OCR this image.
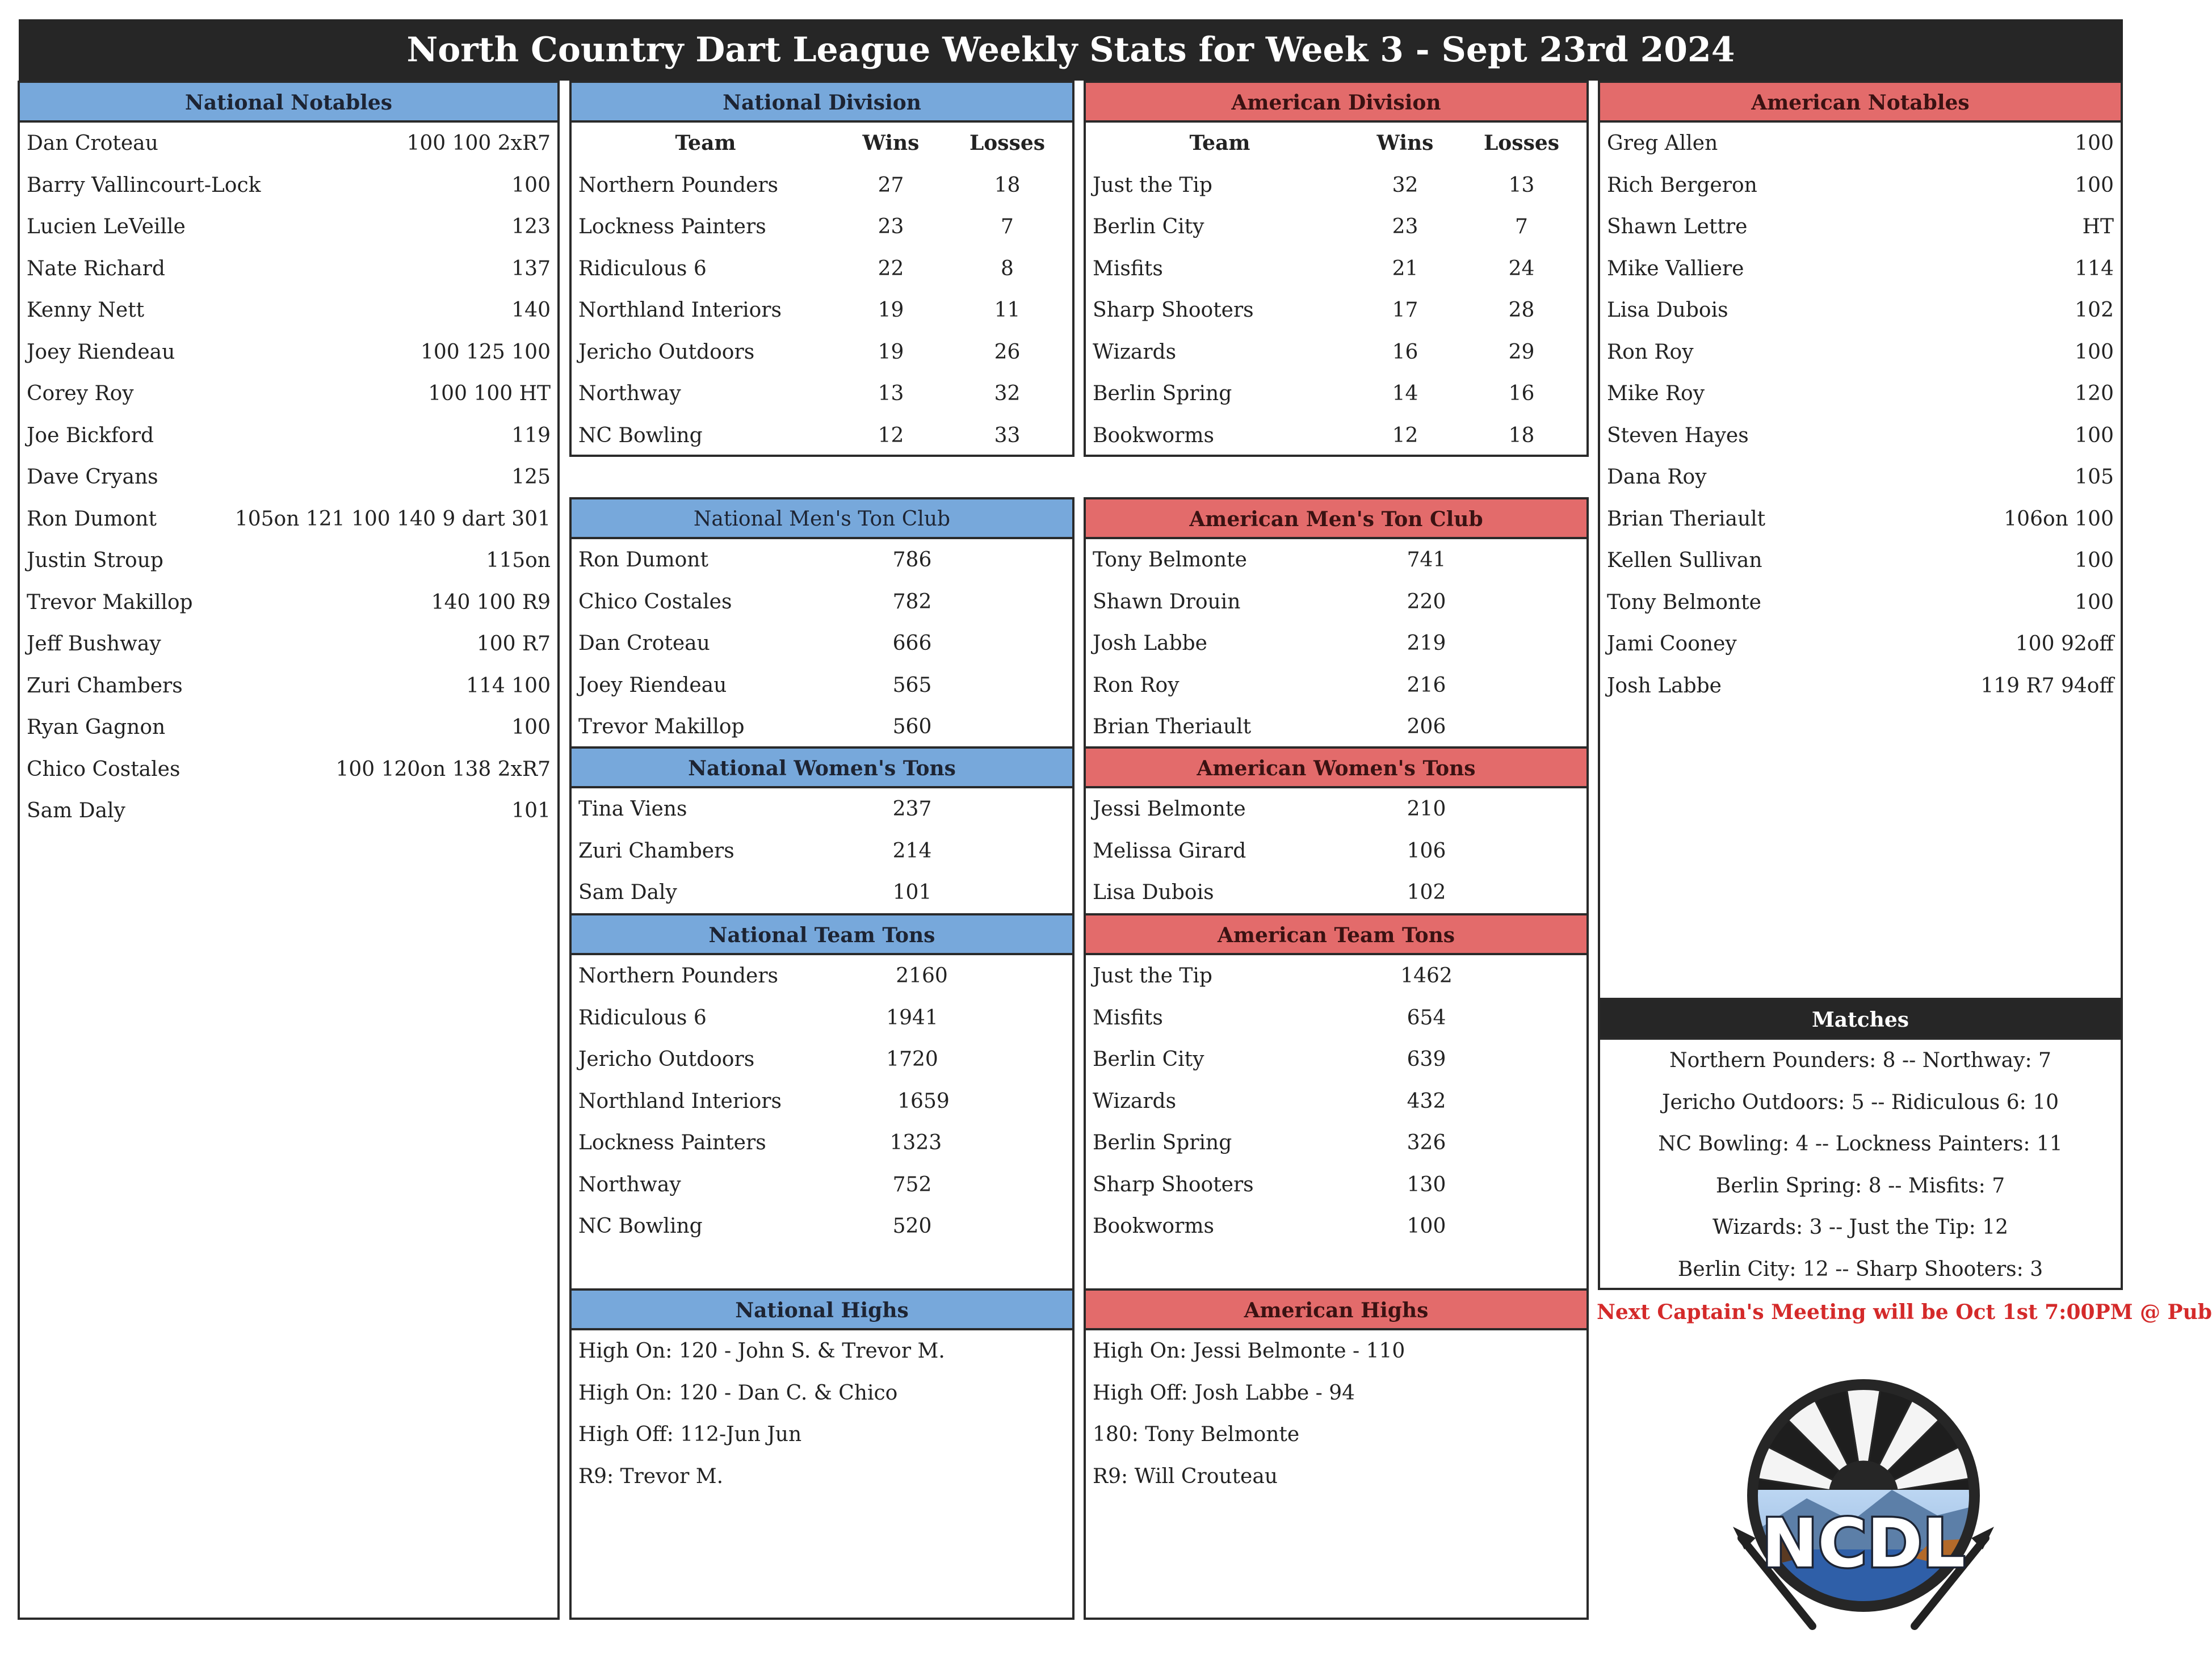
North Country Dart League Weekly Stats for Week 3 - Sept 23rd 2024
National Notables
Dan Croteau	100 100 2xR7
Barry Vallincourt-Lock	100
Lucien LeVeille	123
Nate Richard	137
Kenny Nett	140
Joey Riendeau	100 125 100
Corey Roy	100 100 HT
Joe Bickford	119
Dave Cryans	125
Ron Dumont	105on 121 100 140 9 dart 301
Justin Stroup	115on
Trevor Makillop	140 100 R9
Jeff Bushway	100 R7
Zuri Chambers	114 100
Ryan Gagnon	100
Chico Costales	100 120on 138 2xR7
Sam Daly	101
National Division
Team	Wins	Losses
Northern Pounders	27	18
Lockness Painters	23	7
Ridiculous 6	22	8
Northland Interiors	19	11
Jericho Outdoors	19	26
Northway	13	32
NC Bowling	12	33
American Division
Team	Wins	Losses
Just the Tip	32	13
Berlin City	23	7
Misfits	21	24
Sharp Shooters	17	28
Wizards	16	29
Berlin Spring	14	16
Bookworms	12	18
American Notables
Greg Allen	100
Rich Bergeron	100
Shawn Lettre	HT
Mike Valliere	114
Lisa Dubois	102
Ron Roy	100
Mike Roy	120
Steven Hayes	100
Dana Roy	105
Brian Theriault	106on 100
Kellen Sullivan	100
Tony Belmonte	100
Jami Cooney	100 92off
Josh Labbe	119 R7 94off
Matches
Northern Pounders: 8 -- Northway: 7
Jericho Outdoors: 5 -- Ridiculous 6: 10
NC Bowling: 4 -- Lockness Painters: 11
Berlin Spring: 8 -- Misfits: 7
Wizards: 3 -- Just the Tip: 12
Berlin City: 12 -- Sharp Shooters: 3
National Men's Ton Club
Ron Dumont	786
Chico Costales	782
Dan Croteau	666
Joey Riendeau	565
Trevor Makillop	560
American Men's Ton Club
Tony Belmonte	741
Shawn Drouin	220
Josh Labbe	219
Ron Roy	216
Brian Theriault	206
National Women's Tons
Tina Viens	237
Zuri Chambers	214
Sam Daly	101
American Women's Tons
Jessi Belmonte	210
Melissa Girard	106
Lisa Dubois	102
National Team Tons
Northern Pounders	2160
Ridiculous 6	1941
Jericho Outdoors	1720
Northland Interiors	1659
Lockness Painters	1323
Northway	752
NC Bowling	520
American Team Tons
Just the Tip	1462
Misfits	654
Berlin City	639
Wizards	432
Berlin Spring	326
Sharp Shooters	130
Bookworms	100
National Highs
High On: 120 - John S. & Trevor M.
High On: 120 - Dan C. & Chico
High Off: 112-Jun Jun
R9: Trevor M.
American Highs
High On: Jessi Belmonte - 110
High Off: Josh Labbe - 94
180: Tony Belmonte
R9: Will Crouteau
Next Captain's Meeting will be Oct 1st 7:00PM @ Pub
NCDL
